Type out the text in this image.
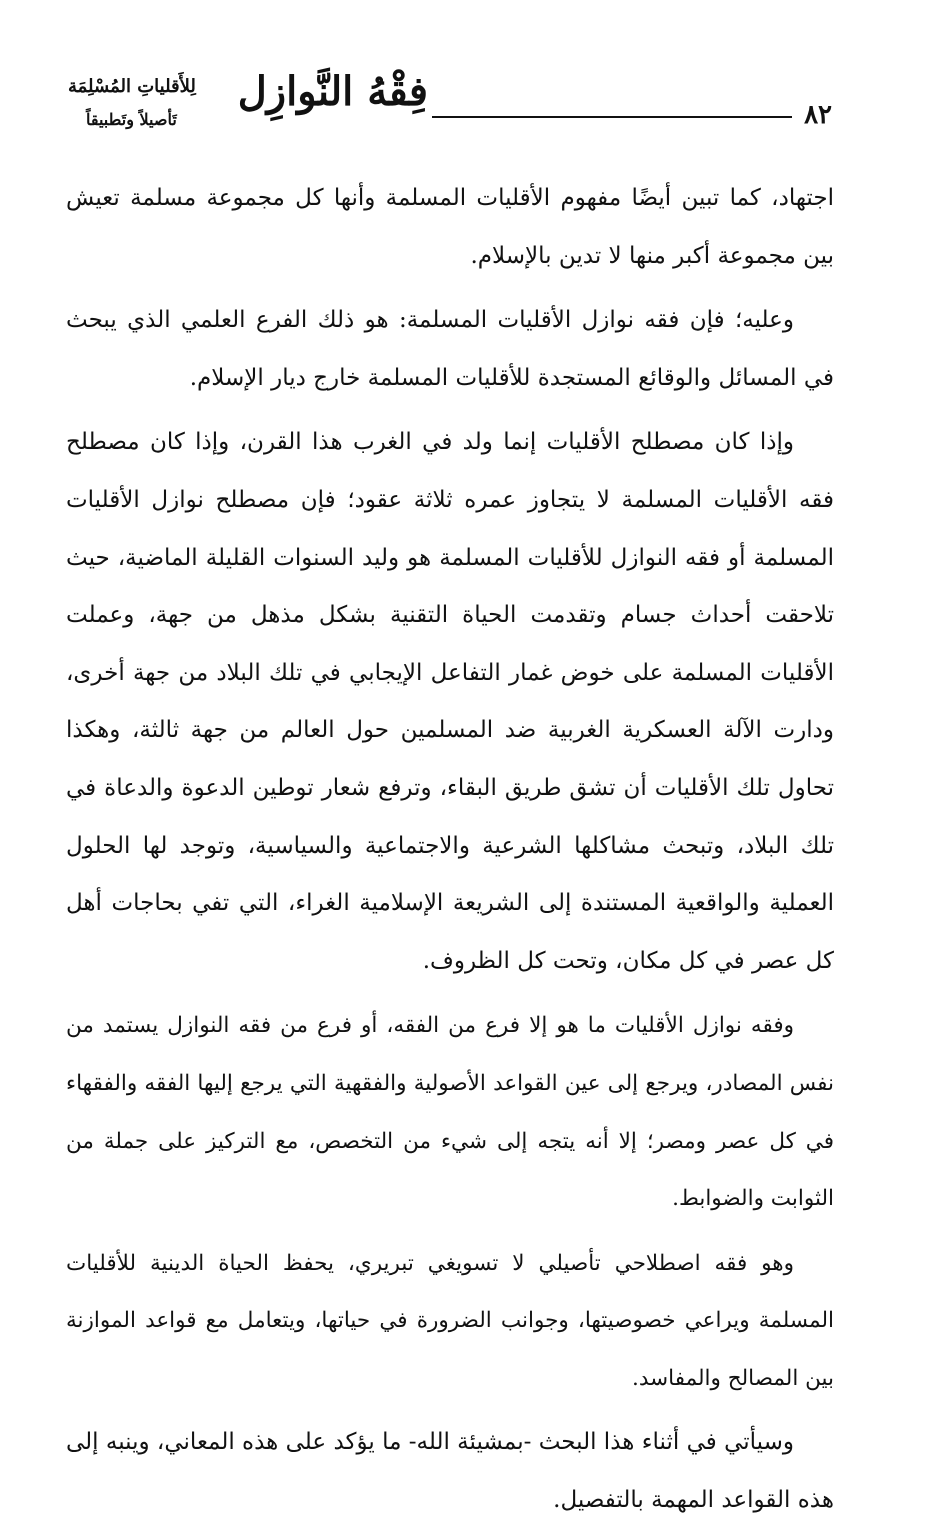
فِقْهُ النَّوازِل
لِلأَقلياتِ المُسْلِمَة
تَأصيلاً وتَطبيقاً	٨٢

اجتهاد، كما تبين أيضًا مفهوم الأقليات المسلمة وأنها كل مجموعة مسلمة تعيش بين مجموعة أكبر منها لا تدين بالإسلام.

وعليه؛ فإن فقه نوازل الأقليات المسلمة: هو ذلك الفرع العلمي الذي يبحث في المسائل والوقائع المستجدة للأقليات المسلمة خارج ديار الإسلام.

وإذا كان مصطلح الأقليات إنما ولد في الغرب هذا القرن، وإذا كان مصطلح فقه الأقليات المسلمة لا يتجاوز عمره ثلاثة عقود؛ فإن مصطلح نوازل الأقليات المسلمة أو فقه النوازل للأقليات المسلمة هو وليد السنوات القليلة الماضية، حيث تلاحقت أحداث جسام وتقدمت الحياة التقنية بشكل مذهل من جهة، وعملت الأقليات المسلمة على خوض غمار التفاعل الإيجابي في تلك البلاد من جهة أخرى، ودارت الآلة العسكرية الغربية ضد المسلمين حول العالم من جهة ثالثة، وهكذا تحاول تلك الأقليات أن تشق طريق البقاء، وترفع شعار توطين الدعوة والدعاة في تلك البلاد، وتبحث مشاكلها الشرعية والاجتماعية والسياسية، وتوجد لها الحلول العملية والواقعية المستندة إلى الشريعة الإسلامية الغراء، التي تفي بحاجات أهل كل عصر في كل مكان، وتحت كل الظروف.

وفقه نوازل الأقليات ما هو إلا فرع من الفقه، أو فرع من فقه النوازل يستمد من نفس المصادر، ويرجع إلى عين القواعد الأصولية والفقهية التي يرجع إليها الفقه والفقهاء في كل عصر ومصر؛ إلا أنه يتجه إلى شيء من التخصص، مع التركيز على جملة من الثوابت والضوابط.

وهو فقه اصطلاحي تأصيلي لا تسويغي تبريري، يحفظ الحياة الدينية للأقليات المسلمة ويراعي خصوصيتها، وجوانب الضرورة في حياتها، ويتعامل مع قواعد الموازنة بين المصالح والمفاسد.

وسيأتي في أثناء هذا البحث -بمشيئة الله- ما يؤكد على هذه المعاني، وينبه إلى هذه القواعد المهمة بالتفصيل.
